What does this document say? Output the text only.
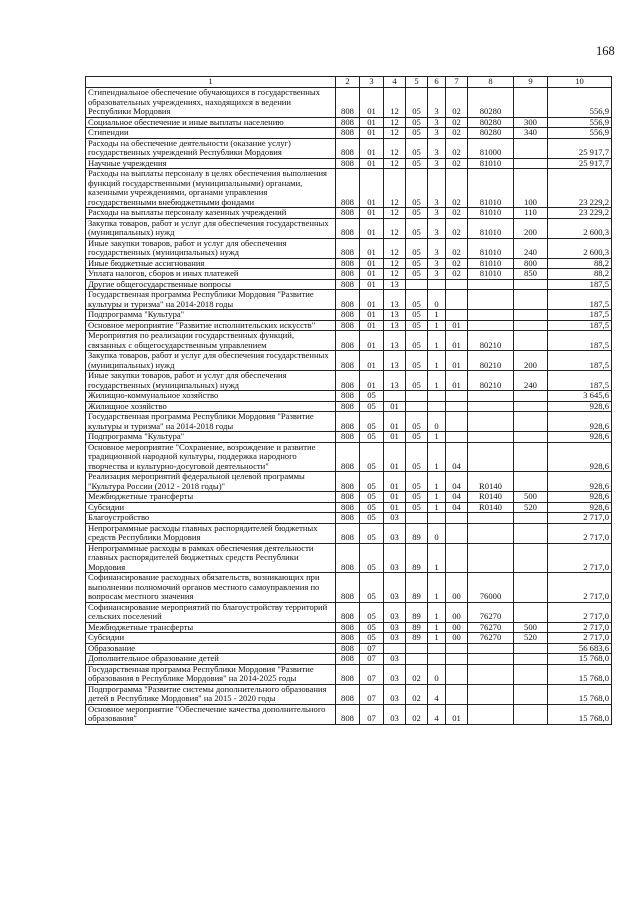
168
1	2	3	4	5	6	7	8	9	10
Стипендиальное обеспечение обучающихся в государственных образовательных учреждениях, находящихся в ведении Республики Мордовия	808	01	12	05	3	02	80280		556,9
Социальное обеспечение и иные выплаты населению	808	01	12	05	3	02	80280	300	556,9
Стипендии	808	01	12	05	3	02	80280	340	556,9
Расходы на обеспечение деятельности (оказание услуг) государственных учреждений Республики Мордовия	808	01	12	05	3	02	81000		25 917,7
Научные учреждения	808	01	12	05	3	02	81010		25 917,7
Расходы на выплаты персоналу в целях обеспечения выполнения функций государственными (муниципальными) органами, казенными учреждениями, органами управления государственными внебюджетными фондами	808	01	12	05	3	02	81010	100	23 229,2
Расходы на выплаты персоналу казенных учреждений	808	01	12	05	3	02	81010	110	23 229,2
Закупка товаров, работ и услуг для обеспечения государственных (муниципальных) нужд	808	01	12	05	3	02	81010	200	2 600,3
Иные закупки товаров, работ и услуг для обеспечения государственных (муниципальных) нужд	808	01	12	05	3	02	81010	240	2 600,3
Иные бюджетные ассигнования	808	01	12	05	3	02	81010	800	88,2
Уплата налогов, сборов и иных платежей	808	01	12	05	3	02	81010	850	88,2
Другие общегосударственные вопросы	808	01	13						187,5
Государственная программа Республики Мордовия "Развитие культуры и туризма" на 2014-2018 годы	808	01	13	05	0				187,5
Подпрограмма "Культура"	808	01	13	05	1				187,5
Основное мероприятие "Развитие исполнительских искусств"	808	01	13	05	1	01			187,5
Мероприятия по реализации государственных функций, связанных с общегосударственным управлением	808	01	13	05	1	01	80210		187,5
Закупка товаров, работ и услуг для обеспечения государственных (муниципальных) нужд	808	01	13	05	1	01	80210	200	187,5
Иные закупки товаров, работ и услуг для обеспечения государственных (муниципальных) нужд	808	01	13	05	1	01	80210	240	187,5
Жилищно-коммунальное хозяйство	808	05							3 645,6
Жилищное хозяйство	808	05	01						928,6
Государственная программа Республики Мордовия "Развитие культуры и туризма" на 2014-2018 годы	808	05	01	05	0				928,6
Подпрограмма "Культура"	808	05	01	05	1				928,6
Основное мероприятие "Сохранение, возрождение и развитие традиционной народной культуры, поддержка народного творчества и культурно-досуговой деятельности"	808	05	01	05	1	04			928,6
Реализация мероприятий федеральной целевой программы "Культура России (2012 - 2018 годы)"	808	05	01	05	1	04	R0140		928,6
Межбюджетные трансферты	808	05	01	05	1	04	R0140	500	928,6
Субсидии	808	05	01	05	1	04	R0140	520	928,6
Благоустройство	808	05	03						2 717,0
Непрограммные расходы главных распорядителей бюджетных средств Республики Мордовия	808	05	03	89	0				2 717,0
Непрограммные расходы в рамках обеспечения деятельности главных распорядителей бюджетных средств Республики Мордовия	808	05	03	89	1				2 717,0
Софинансирование расходных обязательств, возникающих при выполнении полномочий органов местного самоуправления по вопросам местного значения	808	05	03	89	1	00	76000		2 717,0
Софинансирование мероприятий по благоустройству территорий сельских поселений	808	05	03	89	1	00	76270		2 717,0
Межбюджетные трансферты	808	05	03	89	1	00	76270	500	2 717,0
Субсидии	808	05	03	89	1	00	76270	520	2 717,0
Образование	808	07							56 683,6
Дополнительное образование детей	808	07	03						15 768,0
Государственная программа Республики Мордовия "Развитие образования в Республике Мордовия" на 2014-2025 годы	808	07	03	02	0				15 768,0
Подпрограмма "Развитие системы дополнительного образования детей в Республике Мордовия" на 2015 - 2020 годы	808	07	03	02	4				15 768,0
Основное мероприятие "Обеспечение качества дополнительного образования"	808	07	03	02	4	01			15 768,0
